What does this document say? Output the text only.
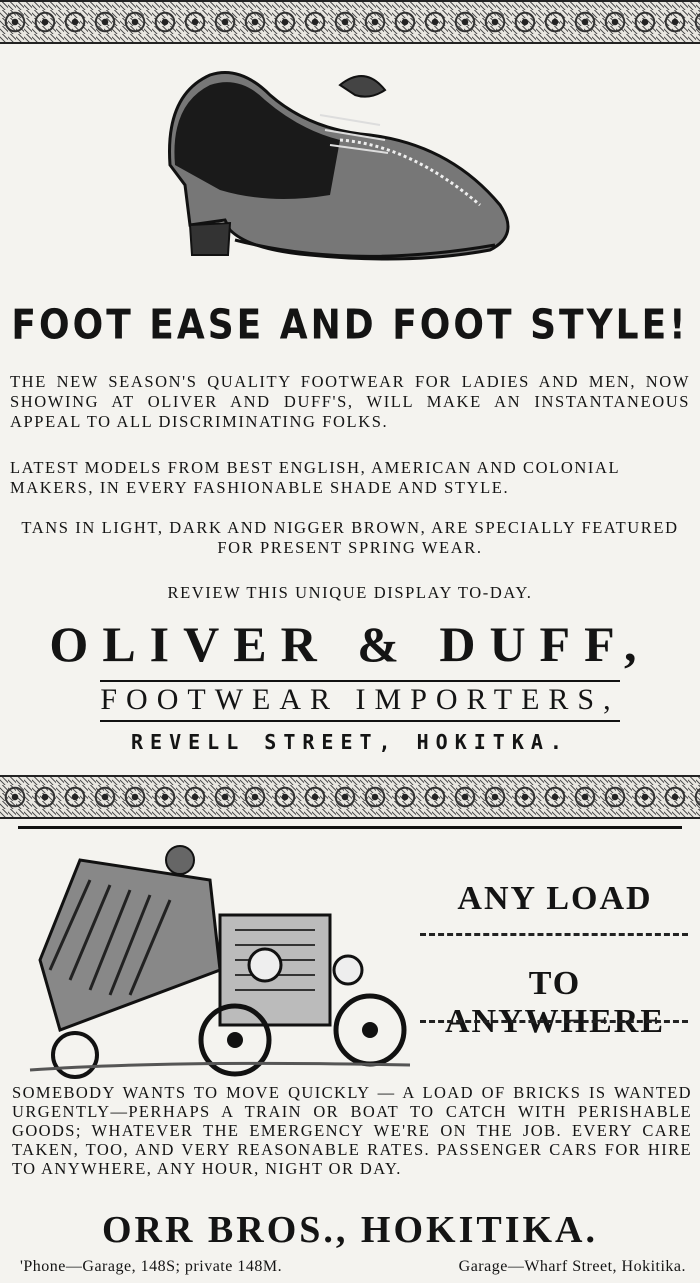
FOOT EASE AND FOOT STYLE!
THE NEW SEASON'S QUALITY FOOTWEAR FOR LADIES AND MEN, NOW SHOWING AT OLIVER AND DUFF'S, WILL MAKE AN INSTANTANEOUS APPEAL TO ALL DISCRIMINATING FOLKS.
LATEST MODELS FROM BEST ENGLISH, AMERICAN AND COLONIAL MAKERS, IN EVERY FASHIONABLE SHADE AND STYLE.
TANS IN LIGHT, DARK AND NIGGER BROWN, ARE SPECIALLY FEATURED FOR PRESENT SPRING WEAR.
REVIEW THIS UNIQUE DISPLAY TO-DAY.
OLIVER & DUFF,
FOOTWEAR IMPORTERS,
REVELL STREET, HOKITKA.
ANY LOAD
TO ANYWHERE
SOMEBODY WANTS TO MOVE QUICKLY — A LOAD OF BRICKS IS WANTED URGENTLY—PERHAPS A TRAIN OR BOAT TO CATCH WITH PERISHABLE GOODS; WHATEVER THE EMERGENCY WE'RE ON THE JOB. EVERY CARE TAKEN, TOO, AND VERY REASONABLE RATES. PASSENGER CARS FOR HIRE TO ANYWHERE, ANY HOUR, NIGHT OR DAY.
ORR BROS., HOKITIKA.
'Phone—Garage, 148S; private 148M.	Garage—Wharf Street, Hokitika.
